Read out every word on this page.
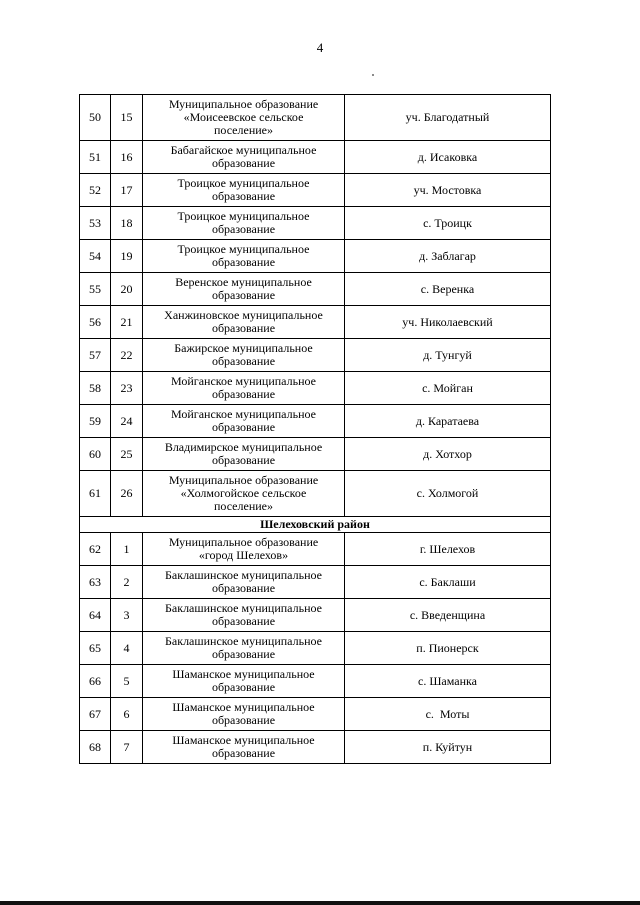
4
50	15	Муниципальное образование
«Моисеевское сельское
поселение»	уч. Благодатный
51	16	Бабагайское муниципальное
образование	д. Исаковка
52	17	Троицкое муниципальное
образование	уч. Мостовка
53	18	Троицкое муниципальное
образование	с. Троицк
54	19	Троицкое муниципальное
образование	д. Заблагар
55	20	Веренское муниципальное
образование	с. Веренка
56	21	Ханжиновское муниципальное
образование	уч. Николаевский
57	22	Бажирское муниципальное
образование	д. Тунгуй
58	23	Мойганское муниципальное
образование	с. Мойган
59	24	Мойганское муниципальное
образование	д. Каратаева
60	25	Владимирское муниципальное
образование	д. Хотхор
61	26	Муниципальное образование
«Холмогойское сельское
поселение»	с. Холмогой
Шелеховский район			
62	1	Муниципальное образование
«город Шелехов»	г. Шелехов
63	2	Баклашинское муниципальное
образование	с. Баклаши
64	3	Баклашинское муниципальное
образование	с. Введенщина
65	4	Баклашинское муниципальное
образование	п. Пионерск
66	5	Шаманское муниципальное
образование	с. Шаманка
67	6	Шаманское муниципальное
образование	с.  Моты
68	7	Шаманское муниципальное
образование	п. Куйтун
